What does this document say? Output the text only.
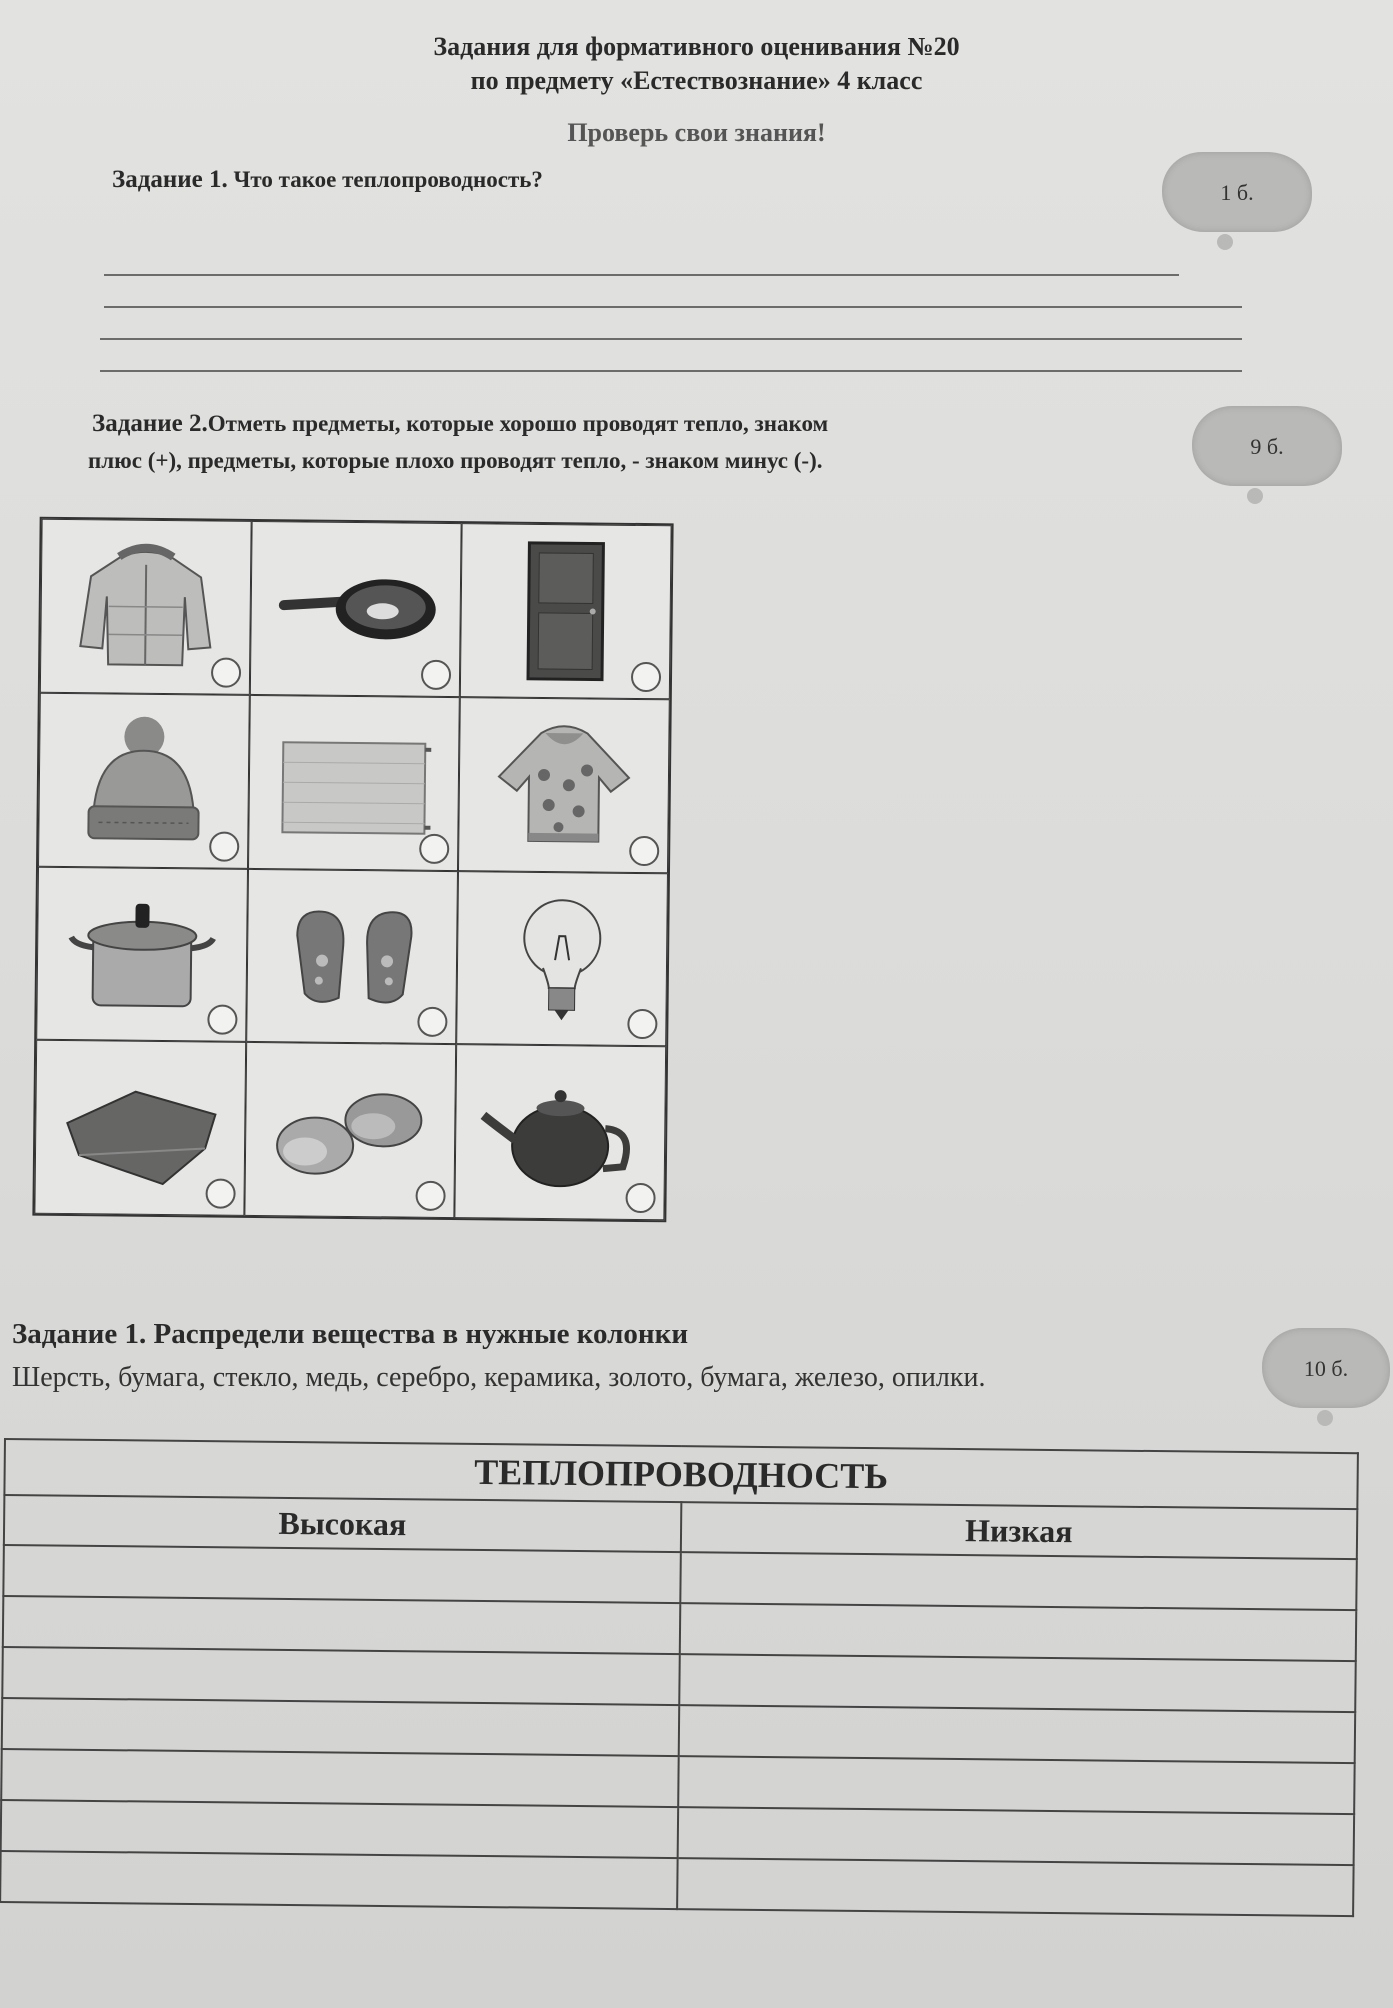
Задания для формативного оценивания №20
по предмету «Естествознание» 4 класс
Проверь свои знания!
Задание 1. Что такое теплопроводность?
1 б.
Задание 2.Отметь предметы, которые хорошо проводят тепло, знаком
плюс (+), предметы, которые плохо проводят тепло, - знаком минус (-).
9 б.
Задание 1. Распредели вещества в нужные колонки
Шерсть, бумага, стекло, медь, серебро, керамика, золото, бумага, железо, опилки.	10 б.
ТЕПЛОПРОВОДНОСТЬ	
Высокая	Низкая
